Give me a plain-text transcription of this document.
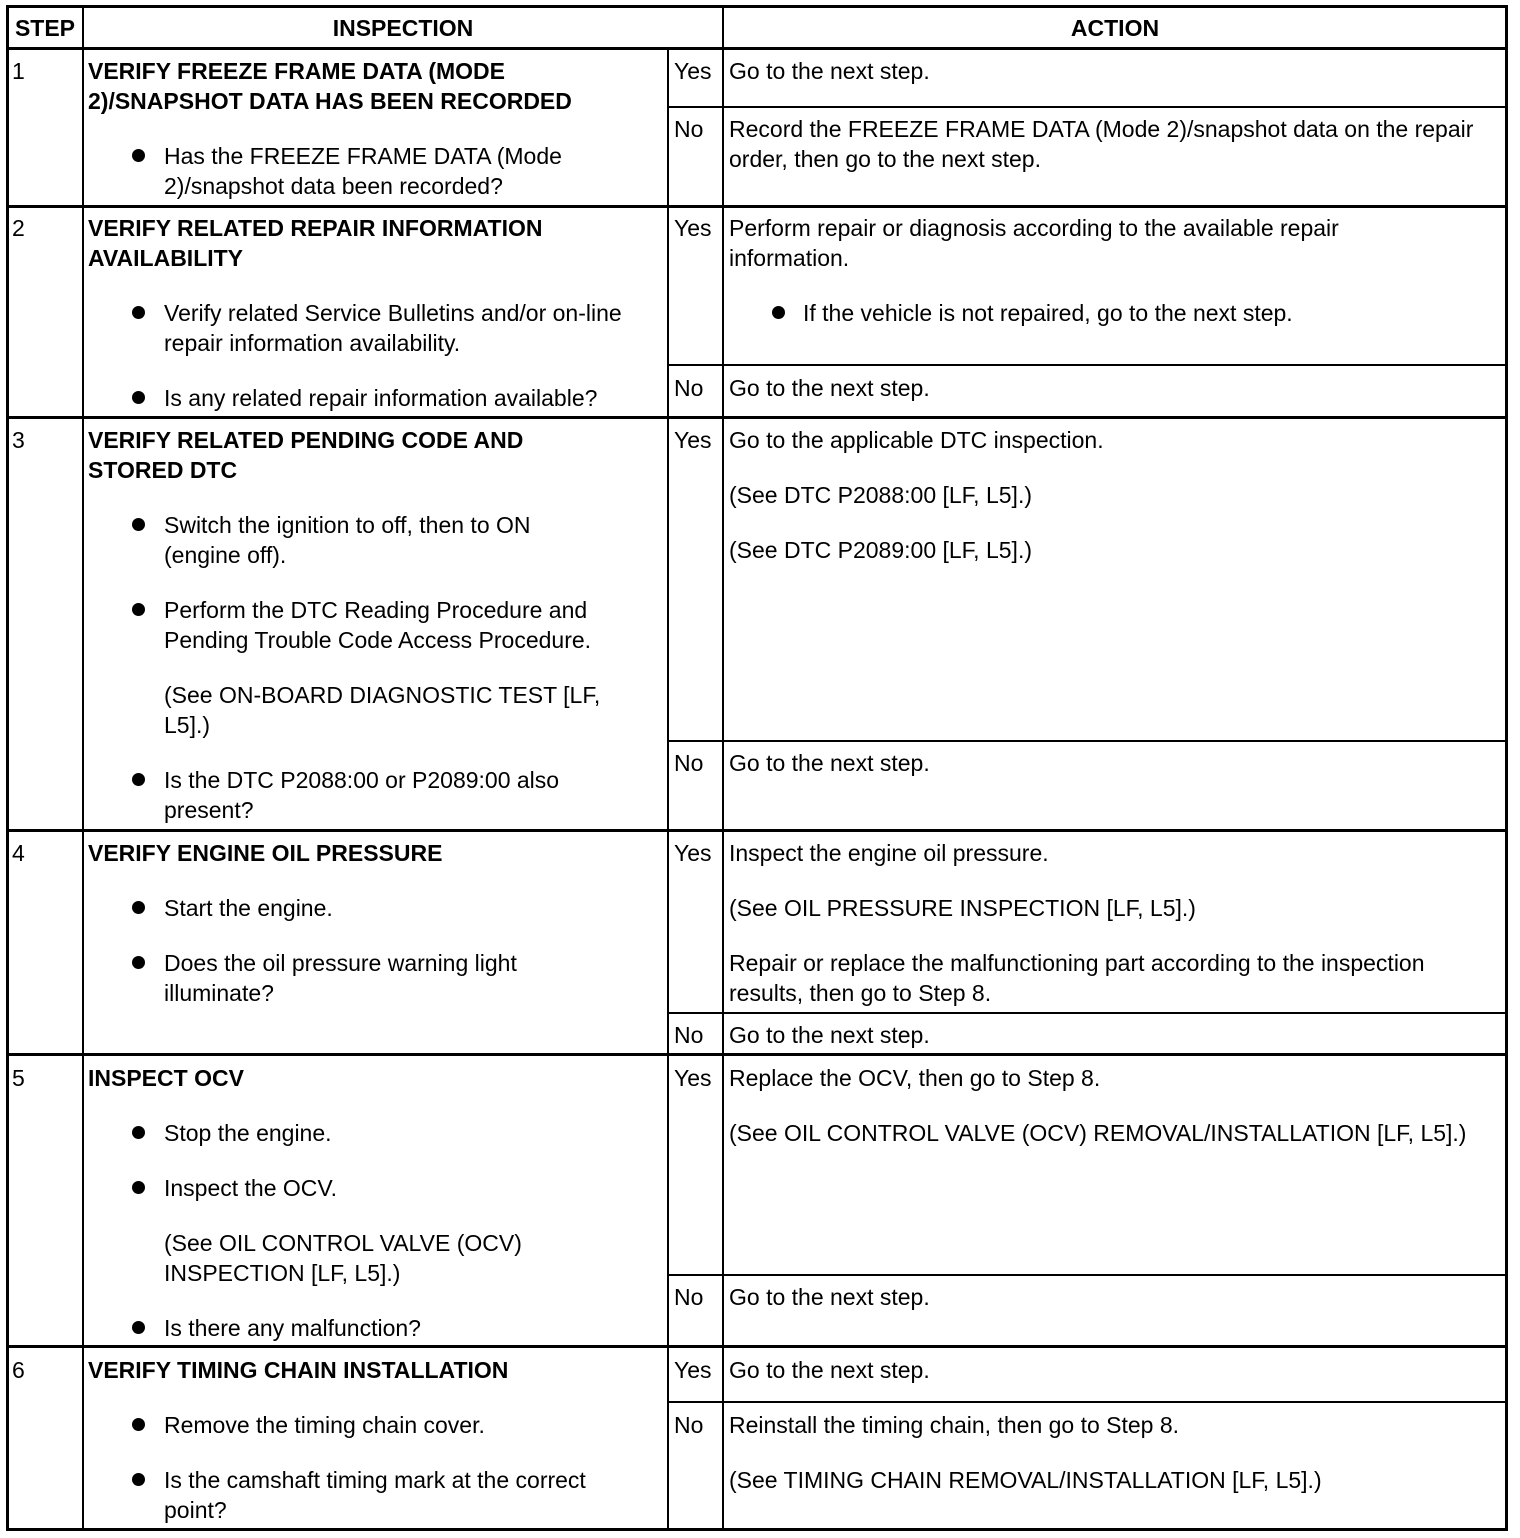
STEP	INSPECTION	ACTION
1	VERIFY FREEZE FRAME DATA (MODE 2)/SNAPSHOT DATA HAS BEEN RECORDED
Has the FREEZE FRAME DATA (Mode 2)/snapshot data been recorded?
Yes Go to the next step.
No Record the FREEZE FRAME DATA (Mode 2)/snapshot data on the repair order, then go to the next step.
2	VERIFY RELATED REPAIR INFORMATION AVAILABILITY
Verify related Service Bulletins and/or on-line repair information availability.
Is any related repair information available?
Yes Perform repair or diagnosis according to the available repair information.
If the vehicle is not repaired, go to the next step.
No Go to the next step.
3	VERIFY RELATED PENDING CODE AND STORED DTC
Switch the ignition to off, then to ON (engine off).
Perform the DTC Reading Procedure and Pending Trouble Code Access Procedure.
(See ON-BOARD DIAGNOSTIC TEST [LF, L5].)
Is the DTC P2088:00 or P2089:00 also present?
Yes Go to the applicable DTC inspection.
(See DTC P2088:00 [LF, L5].)
(See DTC P2089:00 [LF, L5].)
No Go to the next step.
4	VERIFY ENGINE OIL PRESSURE
Start the engine.
Does the oil pressure warning light illuminate?
Yes Inspect the engine oil pressure.
(See OIL PRESSURE INSPECTION [LF, L5].)
Repair or replace the malfunctioning part according to the inspection results, then go to Step 8.
No Go to the next step.
5	INSPECT OCV
Stop the engine.
Inspect the OCV.
(See OIL CONTROL VALVE (OCV) INSPECTION [LF, L5].)
Is there any malfunction?
Yes Replace the OCV, then go to Step 8.
(See OIL CONTROL VALVE (OCV) REMOVAL/INSTALLATION [LF, L5].)
No Go to the next step.
6	VERIFY TIMING CHAIN INSTALLATION
Remove the timing chain cover.
Is the camshaft timing mark at the correct point?
Yes Go to the next step.
No Reinstall the timing chain, then go to Step 8.
(See TIMING CHAIN REMOVAL/INSTALLATION [LF, L5].)
